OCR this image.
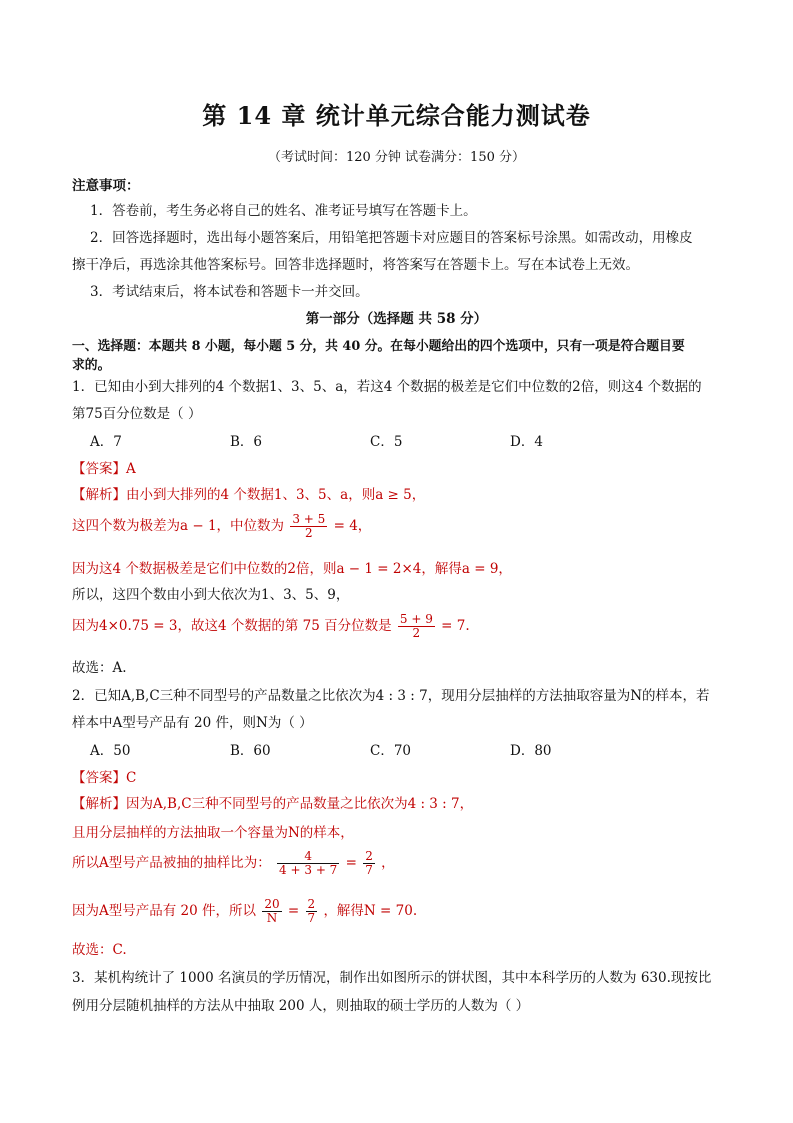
第 14 章 统计单元综合能力测试卷
（考试时间：120 分钟 试卷满分：150 分）
注意事项：
1．答卷前，考生务必将自己的姓名、准考证号填写在答题卡上。
2．回答选择题时，选出每小题答案后，用铅笔把答题卡对应题目的答案标号涂黑。如需改动，用橡皮
擦干净后，再选涂其他答案标号。回答非选择题时，将答案写在答题卡上。写在本试卷上无效。
3．考试结束后，将本试卷和答题卡一并交回。
第一部分（选择题 共 58 分）
一、选择题：本题共 8 小题，每小题 5 分，共 40 分。在每小题给出的四个选项中，只有一项是符合题目要
求的。
1．已知由小到大排列的4 个数据1、3、5、a，若这4 个数据的极差是它们中位数的2倍，则这4 个数据的
第75百分位数是（ ）
A．7	B．6	C．5	D．4
【答案】A
【解析】由小到大排列的4 个数据1、3、5、a，则a ≥ 5，
这四个数为极差为a − 1，中位数为 $\frac{3 + 5}{2} = 4$，
因为这4 个数据极差是它们中位数的2倍，则a − 1 = 2×4，解得a = 9，
所以，这四个数由小到大依次为1、3、5、9，
因为4×0.75 = 3，故这4 个数据的第 75 百分位数是 $\frac{5 + 9}{2} = 7$.
故选：A.
2．已知A,B,C三种不同型号的产品数量之比依次为4 : 3 : 7，现用分层抽样的方法抽取容量为N的样本，若
样本中A型号产品有 20 件，则N为（ ）
A．50	B．60	C．70	D．80
【答案】C
【解析】因为A,B,C三种不同型号的产品数量之比依次为4 : 3 : 7，
且用分层抽样的方法抽取一个容量为N的样本，
所以A型号产品被抽的抽样比为： $\frac{4}{4 + 3 + 7} = \frac{2}{7}$ ，
因为A型号产品有 20 件，所以 $\frac{20}{N} = \frac{2}{7}$ ，解得N = 70.
故选：C.
3．某机构统计了 1000 名演员的学历情况，制作出如图所示的饼状图，其中本科学历的人数为 630.现按比
例用分层随机抽样的方法从中抽取 200 人，则抽取的硕士学历的人数为（ ）
